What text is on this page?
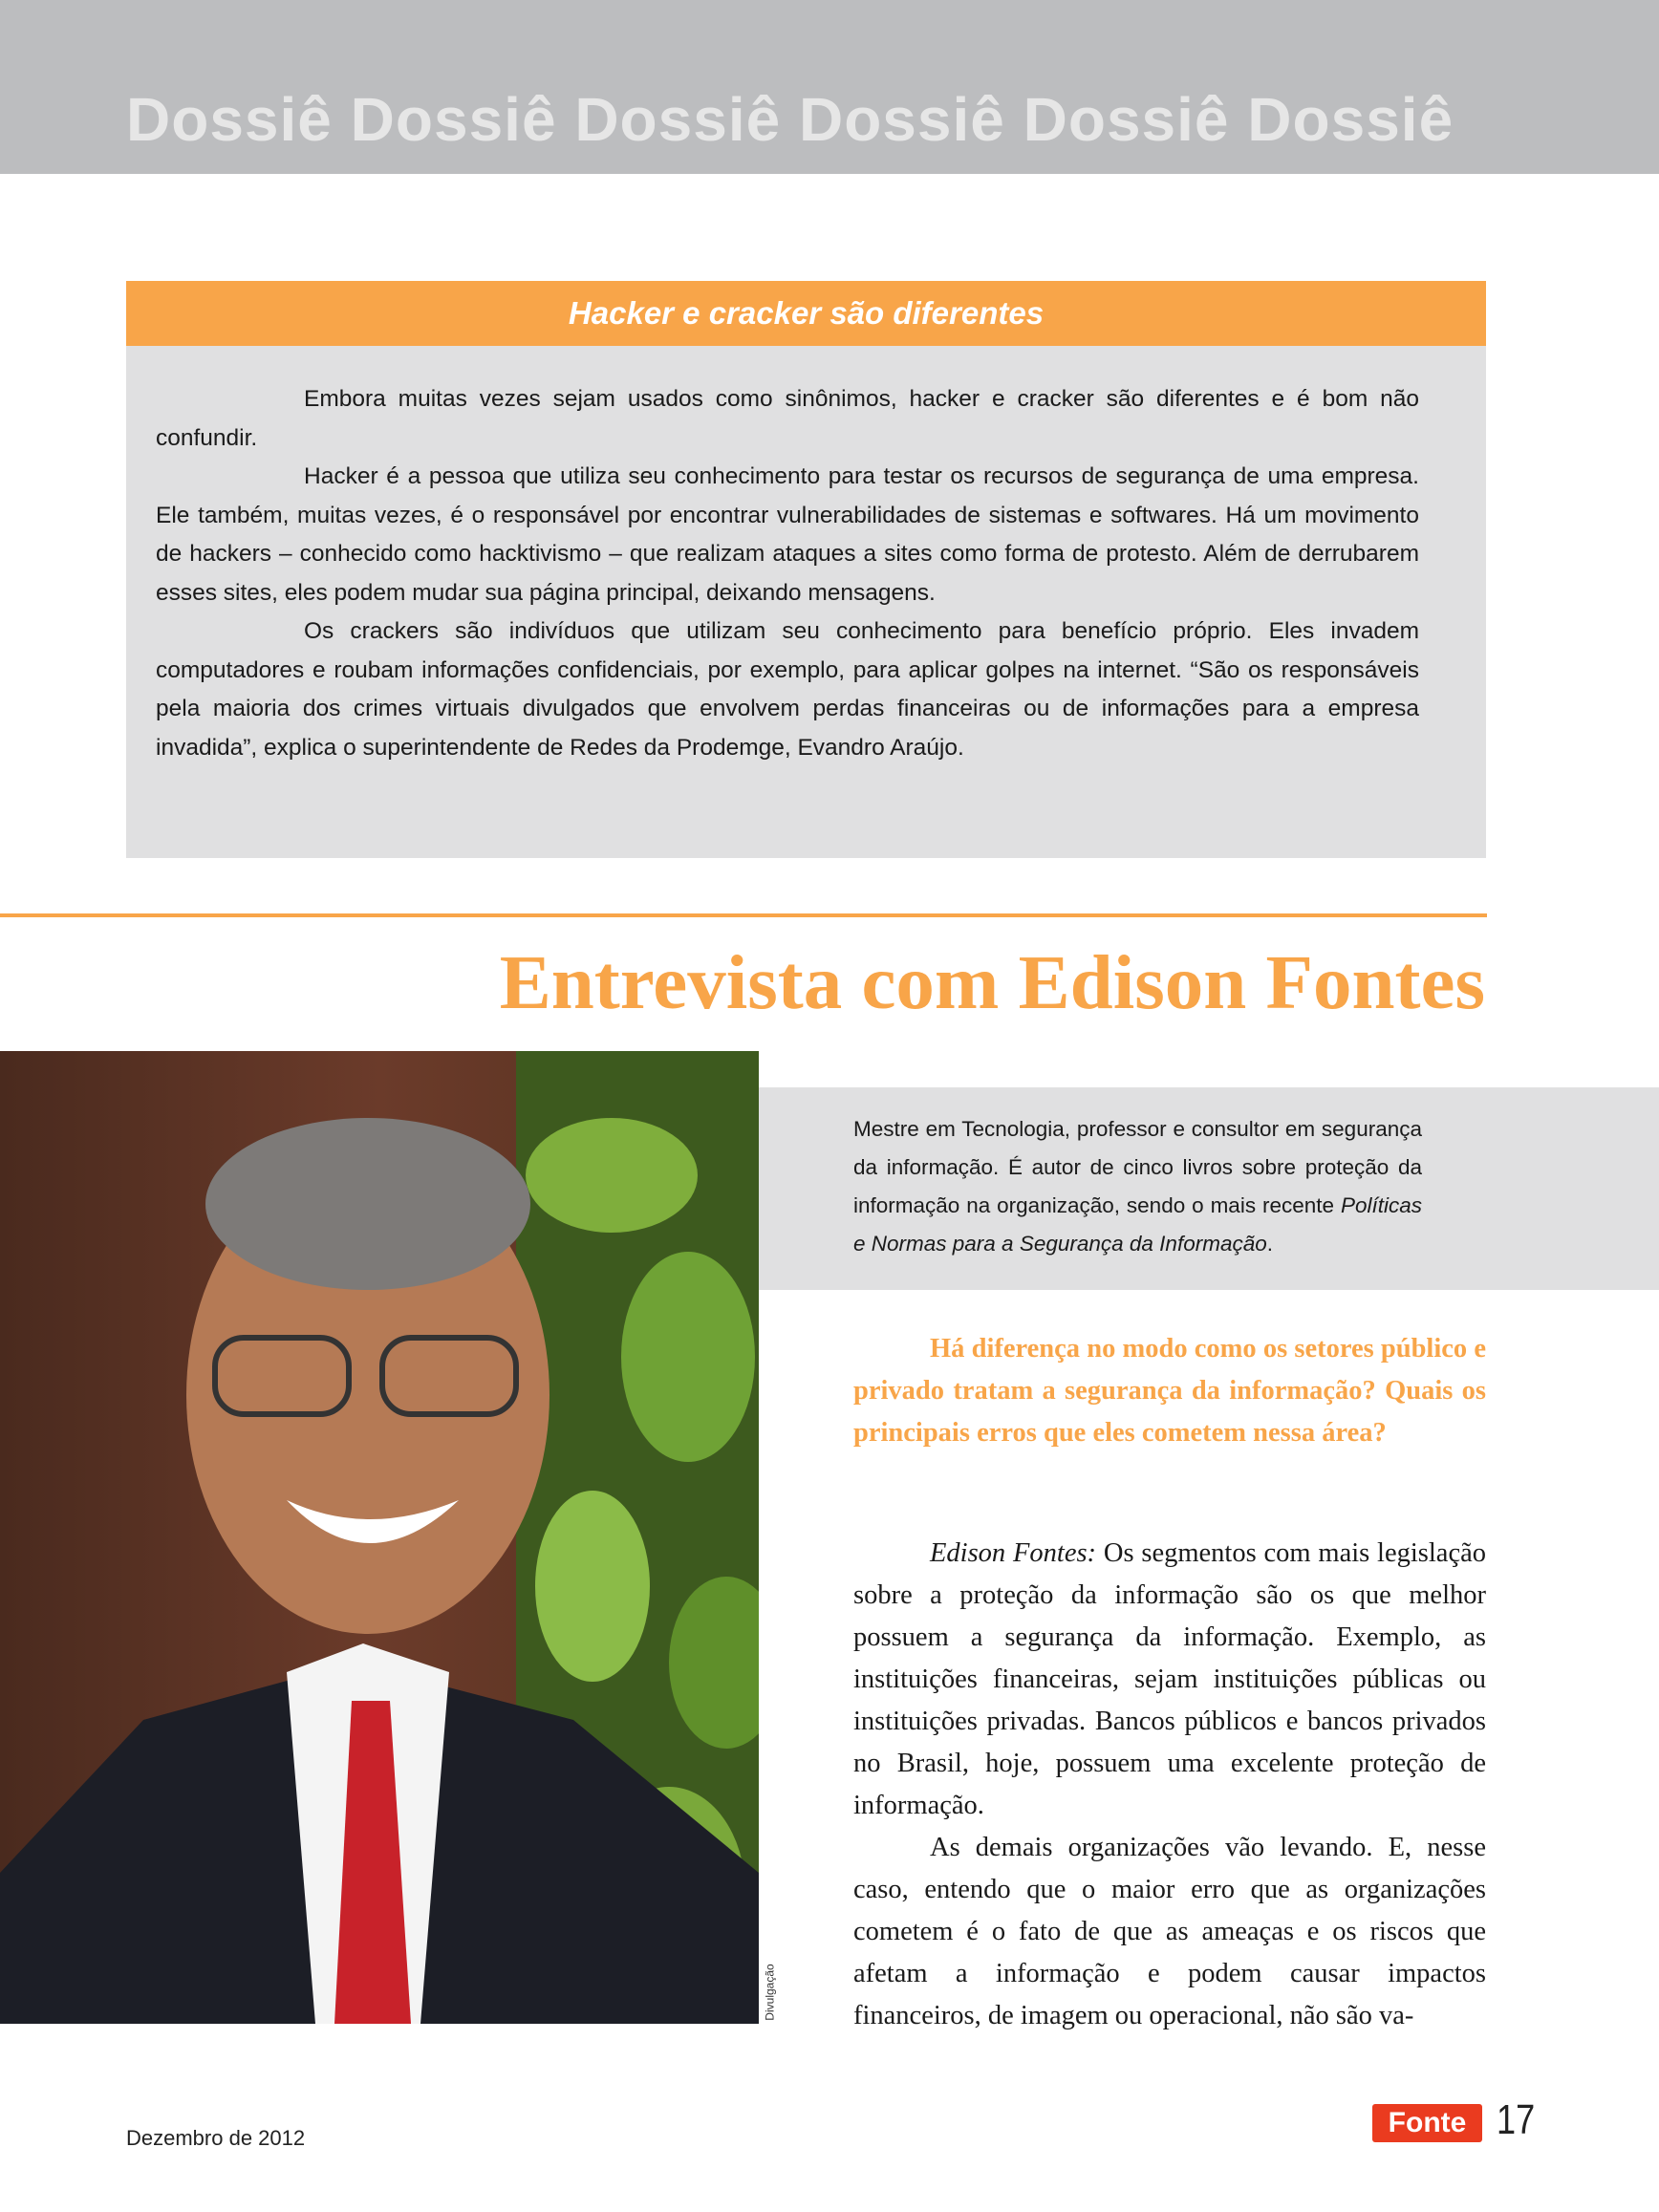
Dossiê Dossiê Dossiê Dossiê Dossiê Dossiê
Hacker e cracker são diferentes

Embora muitas vezes sejam usados como sinônimos, hacker e cracker são diferentes e é bom não confundir.

Hacker é a pessoa que utiliza seu conhecimento para testar os recursos de segurança de uma empresa. Ele também, muitas vezes, é o responsável por encontrar vulnerabilidades de sistemas e softwares. Há um movimento de hackers – conhecido como hacktivismo – que realizam ataques a sites como forma de protesto. Além de derrubarem esses sites, eles podem mudar sua página principal, deixando mensagens.

Os crackers são indivíduos que utilizam seu conhecimento para benefício próprio. Eles invadem computadores e roubam informações confidenciais, por exemplo, para aplicar golpes na internet. “São os responsáveis pela maioria dos crimes virtuais divulgados que envolvem perdas financeiras ou de informações para a empresa invadida”, explica o superintendente de Redes da Prodemge, Evandro Araújo.

Entrevista com Edison Fontes
Divulgação
Mestre em Tecnologia, professor e consultor em segurança da informação. É autor de cinco livros sobre proteção da informação na organização, sendo o mais recente Políticas e Normas para a Segurança da Informação.

Há diferença no modo como os setores público e privado tratam a segurança da informação? Quais os principais erros que eles cometem nessa área?

Edison Fontes: Os segmentos com mais legislação sobre a proteção da informação são os que melhor possuem a segurança da informação. Exemplo, as instituições financeiras, sejam instituições públicas ou instituições privadas. Bancos públicos e bancos privados no Brasil, hoje, possuem uma excelente proteção de informação.

As demais organizações vão levando. E, nesse caso, entendo que o maior erro que as organizações cometem é o fato de que as ameaças e os riscos que afetam a informação e podem causar impactos financeiros, de imagem ou operacional, não são va-

Dezembro de 2012	Fonte 17
